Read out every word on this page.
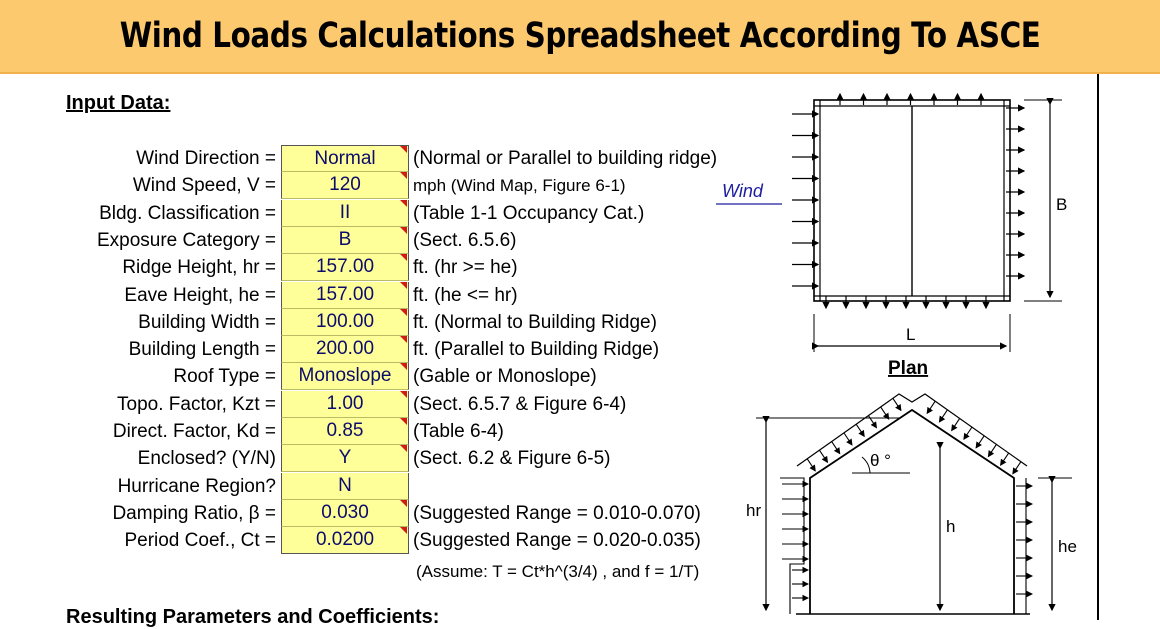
Wind Loads Calculations Spreadsheet According To ASCE
Input Data:
Wind Direction =	Normal	(Normal or Parallel to building ridge)
Wind Speed, V =	120	mph (Wind Map, Figure 6-1)
Bldg. Classification =	II	(Table 1-1 Occupancy Cat.)
Exposure Category =	B	(Sect. 6.5.6)
Ridge Height, hr =	157.00	ft. (hr >= he)
Eave Height, he =	157.00	ft. (he <= hr)
Building Width =	100.00	ft. (Normal to Building Ridge)
Building Length =	200.00	ft. (Parallel to Building Ridge)
Roof Type =	Monoslope	(Gable or Monoslope)
Topo. Factor, Kzt =	1.00	(Sect. 6.5.7 & Figure 6-4)
Direct. Factor, Kd =	0.85	(Table 6-4)
Enclosed? (Y/N)	Y	(Sect. 6.2 & Figure 6-5)
Hurricane Region?	N
Damping Ratio, β =	0.030	(Suggested Range = 0.010-0.070)
Period Coef., Ct =	0.0200	(Suggested Range = 0.020-0.035)
(Assume: T = Ct*h^(3/4) , and f = 1/T)
Resulting Parameters and Coefficients:
B
L
Plan
Wind
θ °
hr
h
he
